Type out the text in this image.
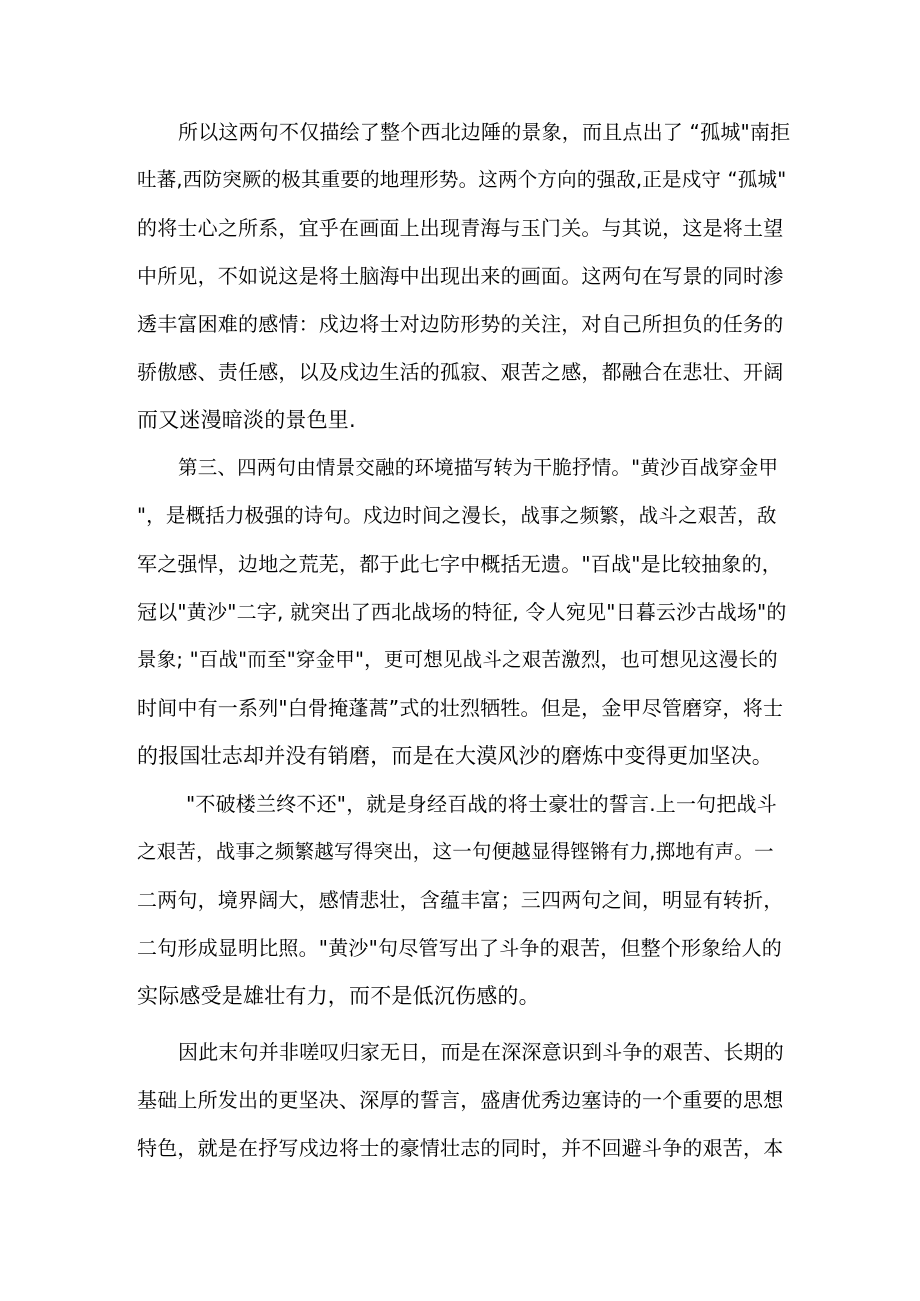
所以这两句不仅描绘了整个西北边陲的景象，而且点出了 “孤城"南拒
吐蕃,西防突厥的极其重要的地理形势。这两个方向的强敌,正是戍守 “孤城"
的将士心之所系，宜乎在画面上出现青海与玉门关。与其说，这是将土望
中所见，不如说这是将土脑海中出现出来的画面。这两句在写景的同时渗
透丰富困难的感情：戍边将士对边防形势的关注，对自己所担负的任务的
骄傲感、责任感，以及戍边生活的孤寂、艰苦之感，都融合在悲壮、开阔
而又迷漫暗淡的景色里.
第三、四两句由情景交融的环境描写转为干脆抒情。"黄沙百战穿金甲
"，是概括力极强的诗句。戍边时间之漫长，战事之频繁，战斗之艰苦，敌
军之强悍，边地之荒芜，都于此七字中概括无遗。"百战"是比较抽象的，
冠以"黄沙"二字, 就突出了西北战场的特征, 令人宛见"日暮云沙古战场"的
景象; "百战"而至"穿金甲"，更可想见战斗之艰苦激烈，也可想见这漫长的
时间中有一系列"白骨掩蓬蒿”式的壮烈牺牲。但是，金甲尽管磨穿，将士
的报国壮志却并没有销磨，而是在大漠风沙的磨炼中变得更加坚决。
"不破楼兰终不还"，就是身经百战的将士豪壮的誓言.上一句把战斗
之艰苦，战事之频繁越写得突出，这一句便越显得铿锵有力,掷地有声。一
二两句，境界阔大，感情悲壮，含蕴丰富；三四两句之间，明显有转折，
二句形成显明比照。"黄沙"句尽管写出了斗争的艰苦，但整个形象给人的
实际感受是雄壮有力，而不是低沉伤感的。
因此末句并非嗟叹归家无日，而是在深深意识到斗争的艰苦、长期的
基础上所发出的更坚决、深厚的誓言，盛唐优秀边塞诗的一个重要的思想
特色，就是在抒写戍边将士的豪情壮志的同时，并不回避斗争的艰苦，本
